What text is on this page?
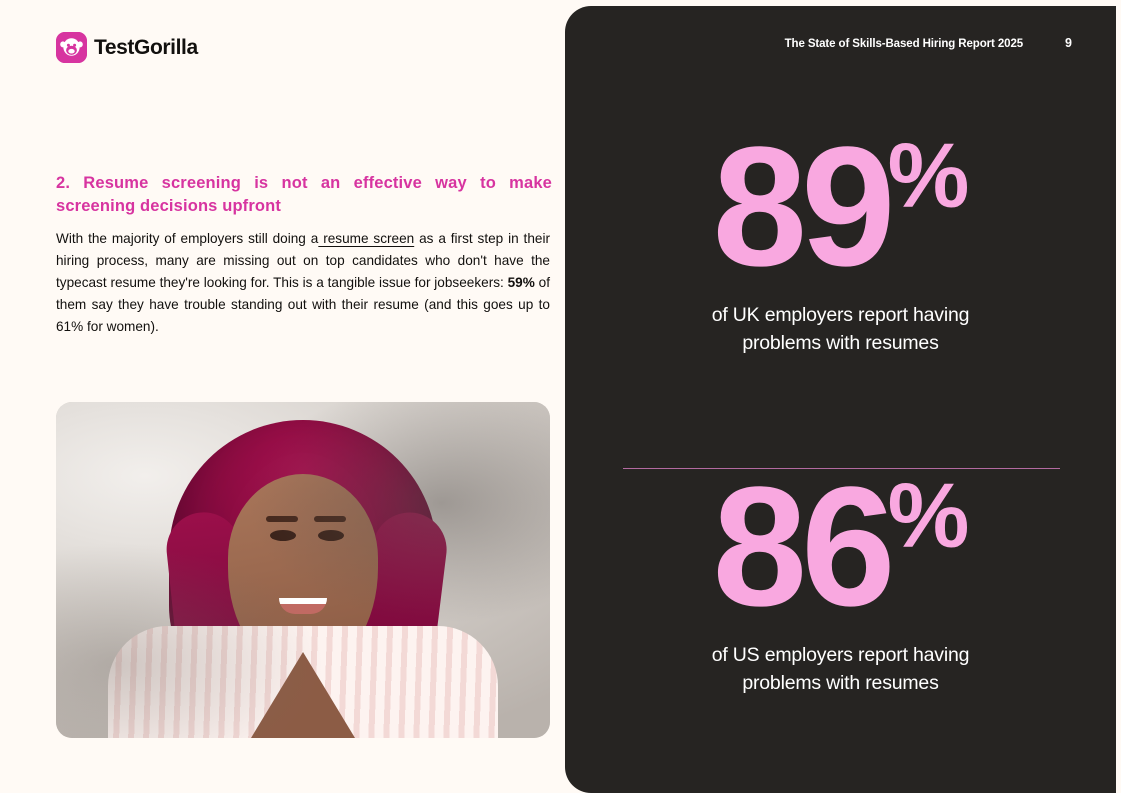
TestGorilla
2. Resume screening is not an effective way to make screening decisions upfront
With the majority of employers still doing a resume screen as a first step in their hiring process, many are missing out on top candidates who don't have the typecast resume they're looking for. This is a tangible issue for jobseekers: 59% of them say they have trouble standing out with their resume (and this goes up to 61% for women).
The State of Skills-Based Hiring Report 2025	9
89%
of UK employers report having
problems with resumes
86%
of US employers report having
problems with resumes
